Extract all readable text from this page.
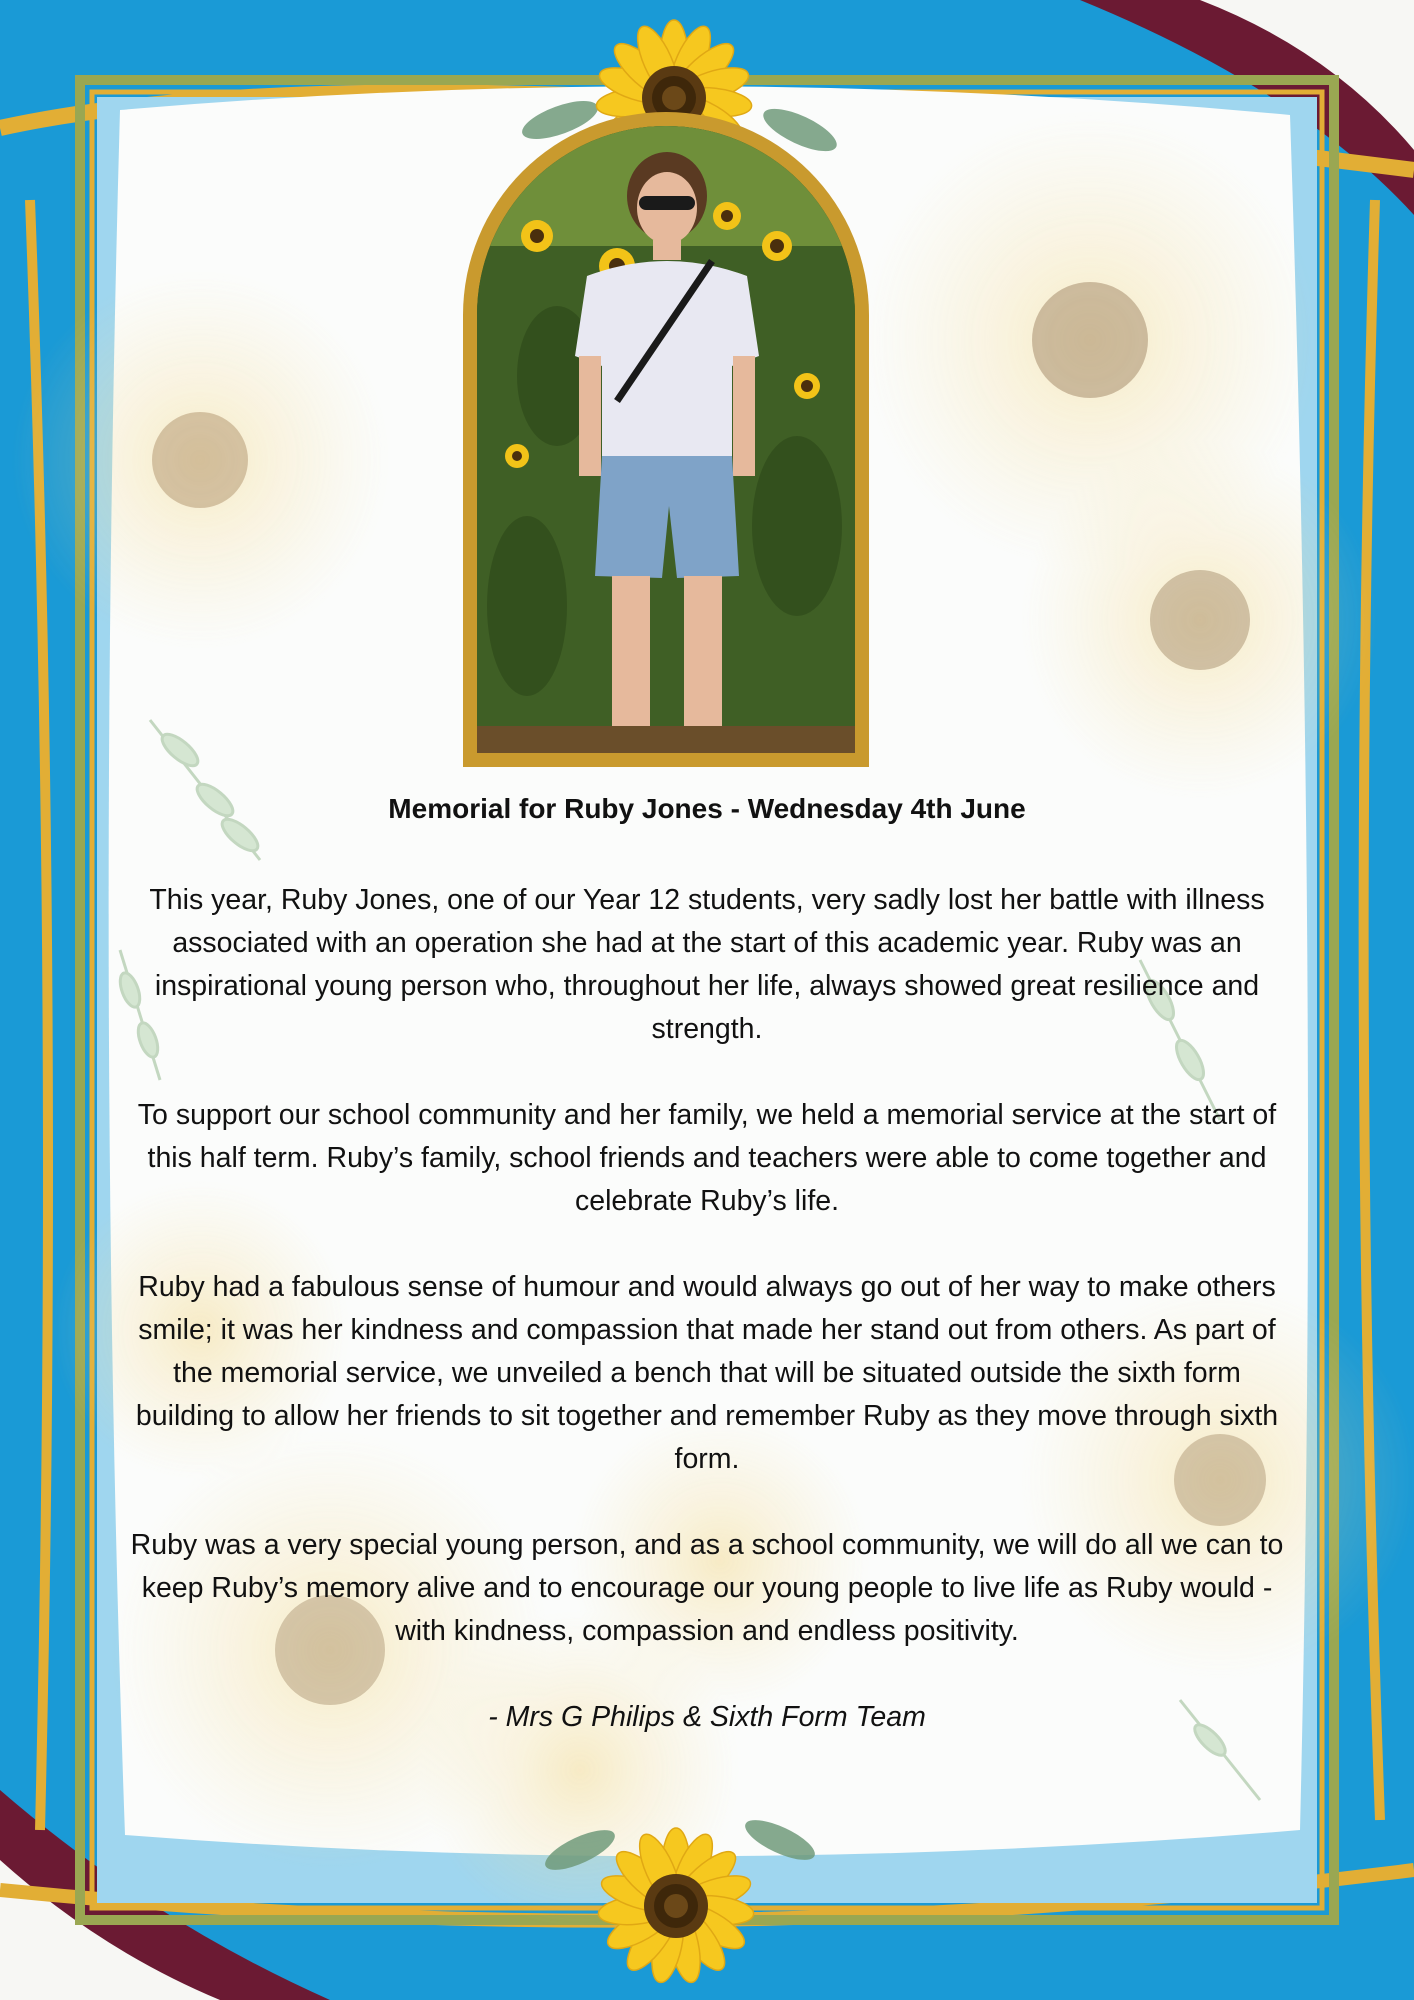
Memorial for Ruby Jones - Wednesday 4th June

This year, Ruby Jones, one of our Year 12 students, very sadly lost her battle with illness associated with an operation she had at the start of this academic year. Ruby was an inspirational young person who, throughout her life, always showed great resilience and strength.

To support our school community and her family, we held a memorial service at the start of this half term. Ruby’s family, school friends and teachers were able to come together and celebrate Ruby’s life.

Ruby had a fabulous sense of humour and would always go out of her way to make others smile; it was her kindness and compassion that made her stand out from others. As part of the memorial service, we unveiled a bench that will be situated outside the sixth form building to allow her friends to sit together and remember Ruby as they move through sixth form.

Ruby was a very special young person, and as a school community, we will do all we can to keep Ruby’s memory alive and to encourage our young people to live life as Ruby would - with kindness, compassion and endless positivity.

- Mrs G Philips & Sixth Form Team
